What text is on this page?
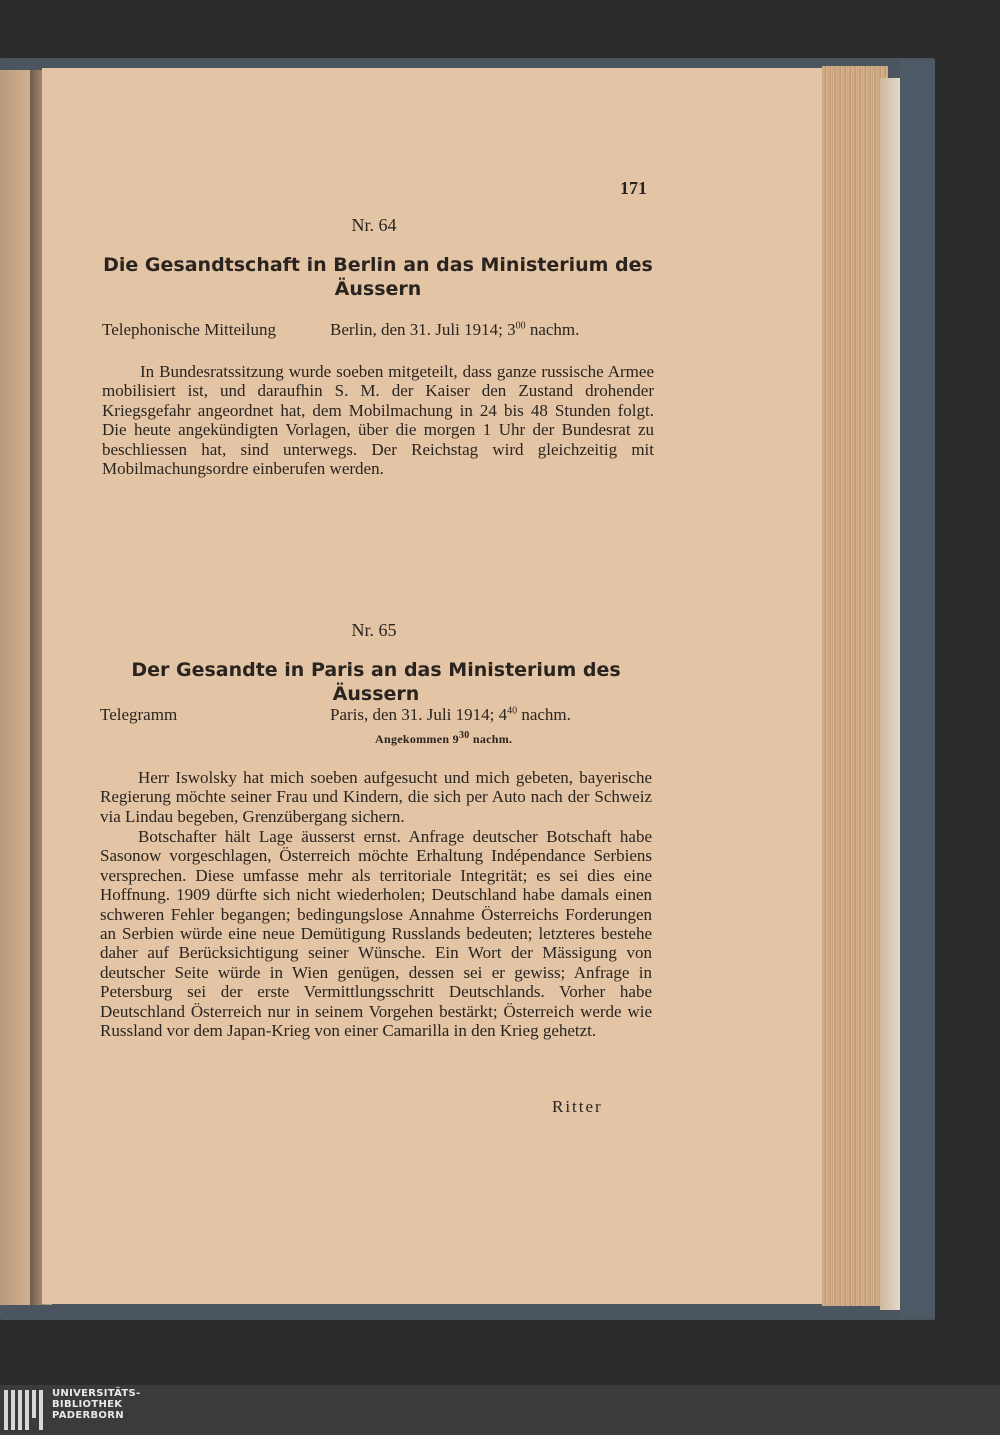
171
Nr. 64
Die Gesandtschaft in Berlin an das Ministerium des
Äussern
Telephonische Mitteilung	Berlin, den 31. Juli 1914; $3^{00}$ nachm.
In Bundesratssitzung wurde soeben mitgeteilt, dass ganze russische Armee mobilisiert ist, und daraufhin S. M. der Kaiser den Zustand drohender Kriegsgefahr angeordnet hat, dem Mobilmachung in 24 bis 48 Stunden folgt. Die heute angekündigten Vorlagen, über die morgen 1 Uhr der Bundesrat zu beschliessen hat, sind unterwegs. Der Reichstag wird gleichzeitig mit Mobilmachungsordre einberufen werden.
Nr. 65
Der Gesandte in Paris an das Ministerium des Äussern
Telegramm	Paris, den 31. Juli 1914; $4^{40}$ nachm.
Angekommen $9^{30}$ nachm.
Herr Iswolsky hat mich soeben aufgesucht und mich gebeten, bayerische Regierung möchte seiner Frau und Kindern, die sich per Auto nach der Schweiz via Lindau begeben, Grenzübergang sichern.
Botschafter hält Lage äusserst ernst. Anfrage deutscher Botschaft habe Sasonow vorgeschlagen, Österreich möchte Erhaltung Indépendance Serbiens versprechen. Diese umfasse mehr als territoriale Integrität; es sei dies eine Hoffnung. 1909 dürfte sich nicht wiederholen; Deutschland habe damals einen schweren Fehler begangen; bedingungslose Annahme Österreichs Forderungen an Serbien würde eine neue Demütigung Russlands bedeuten; letzteres bestehe daher auf Berücksichtigung seiner Wünsche. Ein Wort der Mässigung von deutscher Seite würde in Wien genügen, dessen sei er gewiss; Anfrage in Petersburg sei der erste Vermittlungsschritt Deutschlands. Vorher habe Deutschland Österreich nur in seinem Vorgehen bestärkt; Österreich werde wie Russland vor dem Japan-Krieg von einer Camarilla in den Krieg gehetzt.
Ritter
UNIVERSITÄTS-
BIBLIOTHEK
PADERBORN
